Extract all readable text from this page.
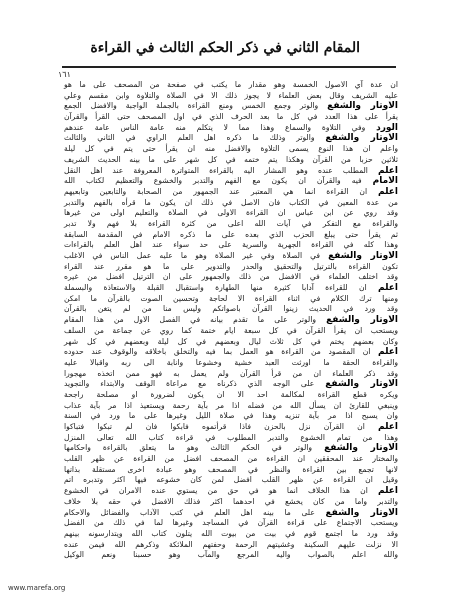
المقام الثاني في ذكر الحكم الثالث في القراءة
١٦١
ان عدة آي الاصول الخمسة وهو مقدار ما يكتب في صفحة من المصحف على ما هو
عليه الشريف وقال بعض العلماء لا يجوز ذلك الا في الصلاة والتلاوة وابن مقسم وعلي
الاوتار والشفع والوتر وجمع الخمس ومنع القراءة بالجملة الواجبة والافضل الجمع
يقرأ على هذا العدد في كل ما بعد الحرف الذي في اول المصحف حتى القرأ والقرآن
الورد وفي التلاوة والسماع وهذا مما لا يتكلم منه عامة الناس عامة عندهم
الاوتار والشفع والوتر وذلك ما ذكره اهل العلم الراوي في الثاني والثالث
واعلم ان هذا النوع يسمى التلاوة والافضل منه ان يقرأ حتى يتم في كل ليلة
ثلاثين حزبا من القرآن وهكذا يتم ختمه في كل شهر على ما بينه الحديث الشريف
اعلم المطلب عنده وهو المشار اليه بالقراءة المتواترة المعروفة عند اهل النقل
الامام فيه والقرآن ان يكون مع الفهم والتدبر والخشوع والتعظيم لكتاب الله
اعلم ان القراءة انما هي المعتبر عند الجمهور من الصحابة والتابعين وتابعيهم
من عدة المعين في الكتاب فان الاصل في ذلك ان يكون ما قرأه بالفهم والتدبر
وقد روي عن ابن عباس ان القراءة الاولى في الصلاة والتعليم اولى من غيرها
والقراءة مع التفكر في آيات الله اعلى من كثرة القراءة بلا فهم ولا تدبر
ثم يقرأ حتى يبلغ الحزب الذي بعده على ما ذكره الامام في المقدمة السابقة
وهذا كله في القراءة الجهرية والسرية على حد سواء عند اهل العلم بالقراءات
الاوتار والشفع في الصلاة وفي غير الصلاة وهو ما عليه عمل الناس في الاغلب
تكون القراءة بالترتيل والتحقيق والحدر والتدوير على ما هو مقرر عند القراء
وقد اختلف العلماء في الافضل من ذلك والجمهور على ان الترتيل افضل من غيره
اعلم ان للقراءة آدابا كثيرة منها الطهارة واستقبال القبلة والاستعاذة والبسملة
ومنها ترك الكلام في اثناء القراءة الا لحاجة وتحسين الصوت بالقرآن ما امكن
وقد ورد في الحديث زينوا القرآن باصواتكم وليس منا من لم يتغن بالقرآن
الاوتار والشفع والوتر على ما تقدم بيانه في الفصل الاول من هذا المقام
ويستحب ان يقرأ القرآن في كل سبعة ايام ختمة كما روي عن جماعة من السلف
وكان بعضهم يختم في كل ثلاث ليال وبعضهم في كل ليلة وبعضهم في كل شهر
اعلم ان المقصود من القراءة هو العمل بما فيه والتخلق باخلاقه والوقوف عند حدوده
والقراءة الحقة ما اورثت العبد خشية وخشوعا وانابة الى ربه واقبالا عليه
وقد ذكر العلماء ان من قرأ القرآن ولم يعمل به فهو ممن اتخذه مهجورا
الاوتار والشفع على الوجه الذي ذكرناه مع مراعاة الوقف والابتداء والتجويد
ويكره قطع القراءة لمكالمة احد الا ان يكون لضرورة او مصلحة راجحة
وينبغي للقارئ ان يسأل الله من فضله اذا مر بآية رحمة ويستعيذ اذا مر بآية عذاب
وان يسبح اذا مر بآية تنزيه وهذا في صلاة الليل وغيرها على ما ورد في السنة
اعلم ان القرآن نزل بالحزن فاذا قرأتموه فابكوا فان لم تبكوا فتباكوا
وهذا من تمام الخشوع والتدبر المطلوب في قراءة كتاب الله تعالى المنزل
الاوتار والشفع والوتر في الحكم الثالث وهو ما يتعلق بالقراءة واحكامها
والمختار عند المحققين ان القراءة من المصحف افضل من القراءة عن ظهر القلب
لانها تجمع بين القراءة والنظر في المصحف وهو عبادة اخرى مستقلة بذاتها
وقيل ان القراءة عن ظهر القلب افضل لمن كان خشوعه فيها اكثر وتدبره اتم
اعلم ان هذا الخلاف انما هو في حق من يستوي عنده الامران في الخشوع
والتدبر واما من كان يخشع في احدهما اكثر فذلك الافضل في حقه بلا خلاف
الاوتار والشفع على ما بينه اهل العلم في كتب الآداب والفضائل والاحكام
ويستحب الاجتماع على قراءة القرآن في المساجد وغيرها لما في ذلك من الفضل
وقد ورد ما اجتمع قوم في بيت من بيوت الله يتلون كتاب الله ويتدارسونه بينهم
الا نزلت عليهم السكينة وغشيتهم الرحمة وحفتهم الملائكة وذكرهم الله فيمن عنده
والله اعلم بالصواب واليه المرجع والمآب وهو حسبنا ونعم الوكيل
www.marefa.org
